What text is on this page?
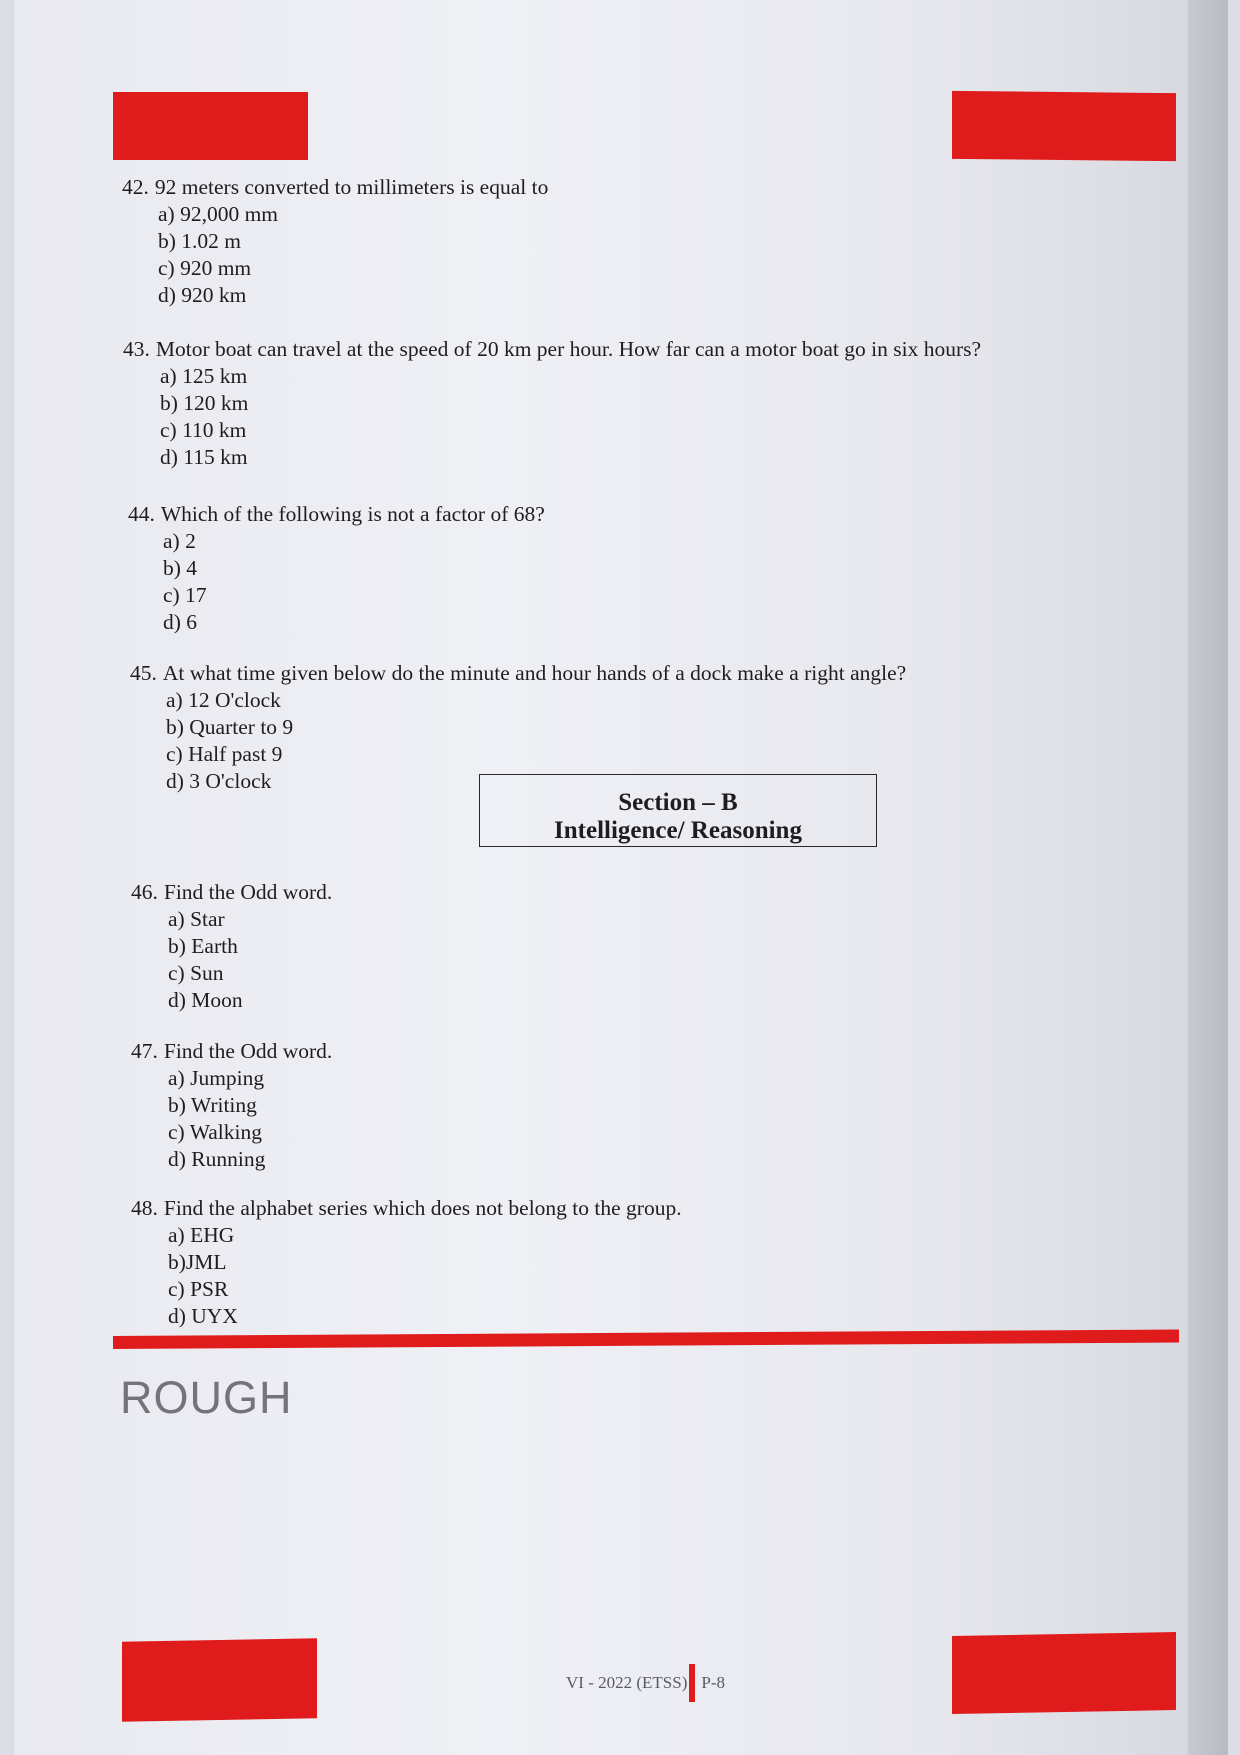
42. 92 meters converted to millimeters is equal to
a) 92,000 mm
b) 1.02 m
c) 920 mm
d) 920 km
43. Motor boat can travel at the speed of 20 km per hour. How far can a motor boat go in six hours?
a) 125 km
b) 120 km
c) 110 km
d) 115 km
44. Which of the following is not a factor of 68?
a) 2
b) 4
c) 17
d) 6
45. At what time given below do the minute and hour hands of a dock make a right angle?
a) 12 O'clock
b) Quarter to 9
c) Half past 9
d) 3 O'clock
Section – B
Intelligence/ Reasoning
46. Find the Odd word.
a) Star
b) Earth
c) Sun
d) Moon
47. Find the Odd word.
a) Jumping
b) Writing
c) Walking
d) Running
48. Find the alphabet series which does not belong to the group.
a) EHG
b)JML
c) PSR
d) UYX
ROUGH
VI - 2022 (ETSS) P-8
